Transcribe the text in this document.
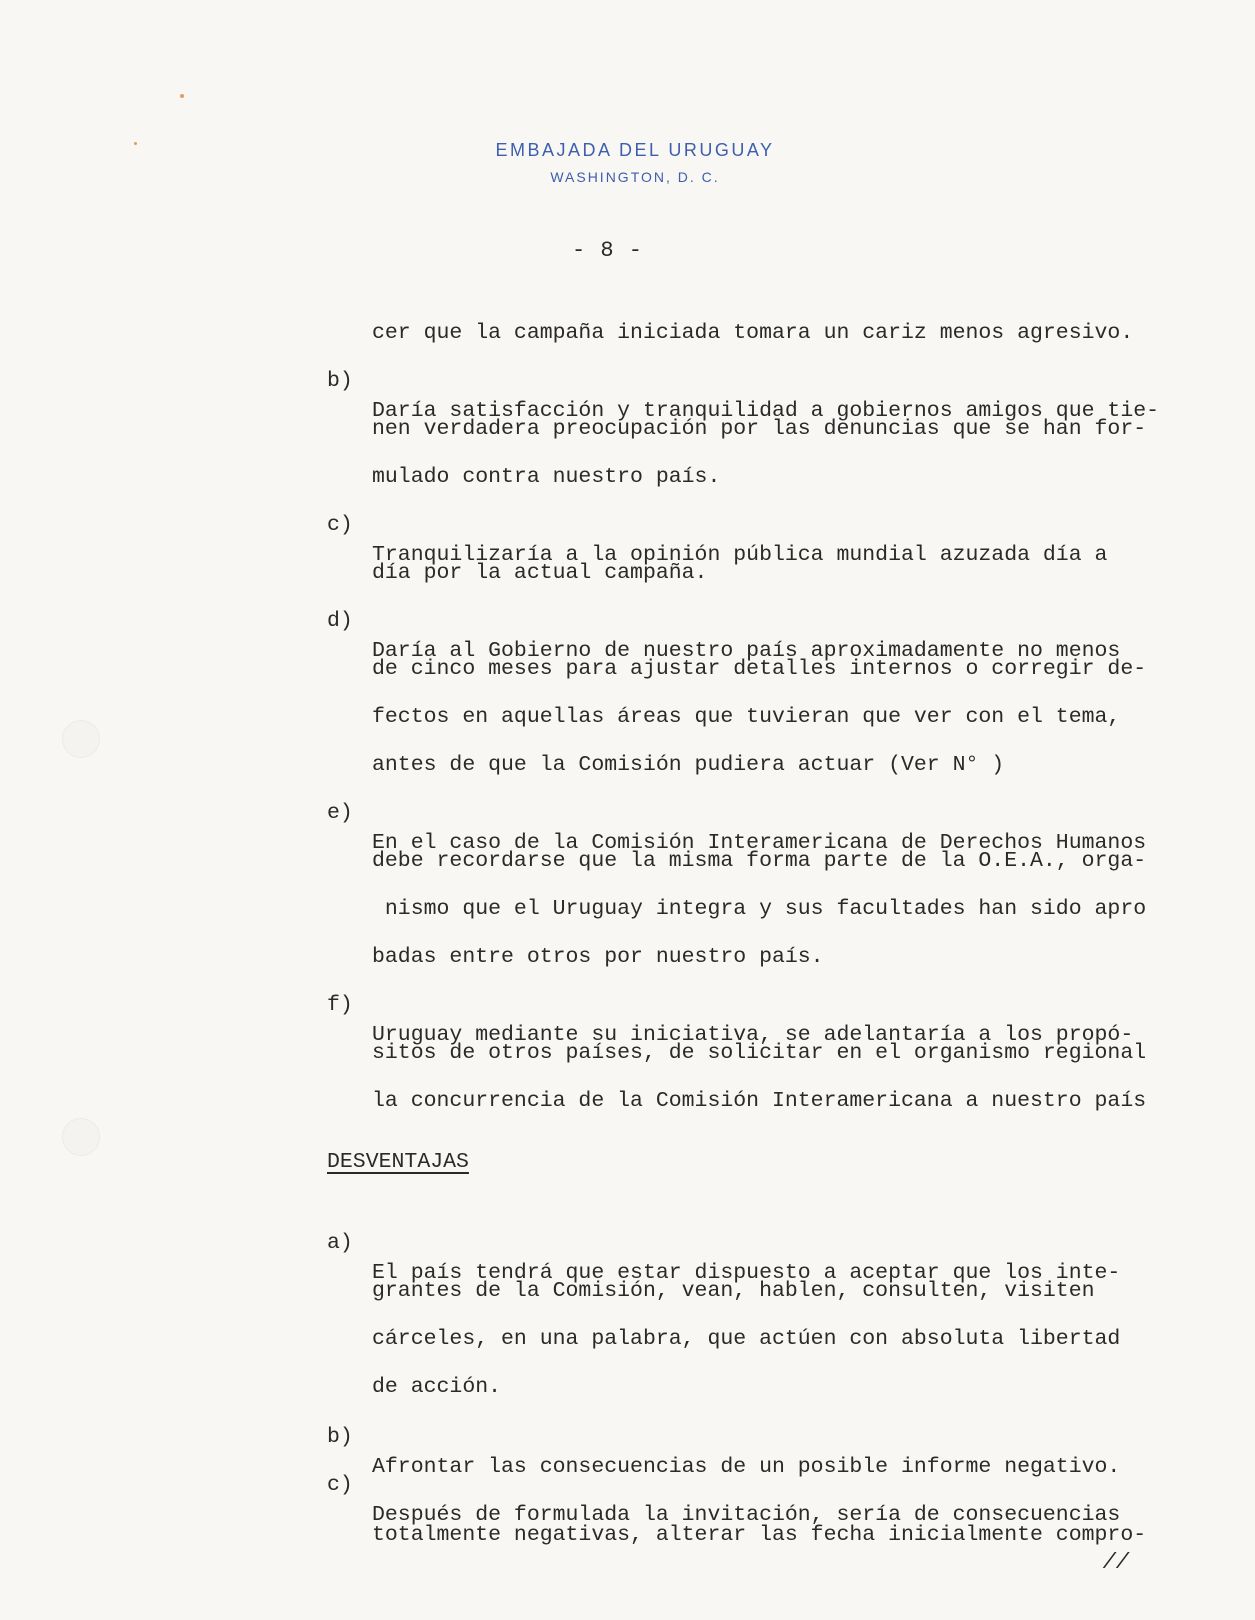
EMBAJADA DEL URUGUAY
WASHINGTON, D. C.
- 8 -

cer que la campaña iniciada tomara un cariz menos agresivo.

b)

Daría satisfacción y tranquilidad a gobiernos amigos que tie-

nen verdadera preocupación por las denuncias que se han for-

mulado contra nuestro país.

c)

Tranquilizaría a la opinión pública mundial azuzada día a

día por la actual campaña.

d)

Daría al Gobierno de nuestro país aproximadamente no menos

de cinco meses para ajustar detalles internos o corregir de-

fectos en aquellas áreas que tuvieran que ver con el tema,

antes de que la Comisión pudiera actuar (Ver N° )

e)

En el caso de la Comisión Interamericana de Derechos Humanos

debe recordarse que la misma forma parte de la O.E.A., orga-

nismo que el Uruguay integra y sus facultades han sido apro

badas entre otros por nuestro país.

f)

Uruguay mediante su iniciativa, se adelantaría a los propó-

sitos de otros países, de solicitar en el organismo regional

la concurrencia de la Comisión Interamericana a nuestro país

DESVENTAJAS

a)

El país tendrá que estar dispuesto a aceptar que los inte-

grantes de la Comisión, vean, hablen, consulten, visiten

cárceles, en una palabra, que actúen con absoluta libertad

de acción.

b)

Afrontar las consecuencias de un posible informe negativo.

c)

Después de formulada la invitación, sería de consecuencias

totalmente negativas, alterar las fecha inicialmente compro-

//
